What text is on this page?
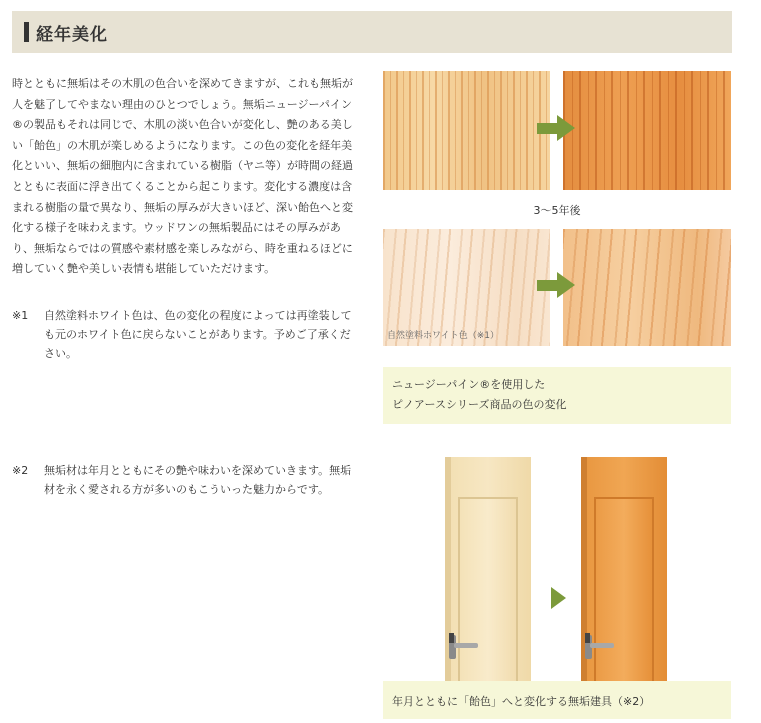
経年美化
時とともに無垢はその木肌の色合いを深めてきますが、これも無垢が人を魅了してやまない理由のひとつでしょう。無垢ニュージーパイン®の製品もそれは同じで、木肌の淡い色合いが変化し、艶のある美しい「飴色」の木肌が楽しめるようになります。この色の変化を経年美化といい、無垢の細胞内に含まれている樹脂（ヤニ等）が時間の経過とともに表面に浮き出てくることから起こります。変化する濃度は含まれる樹脂の量で異なり、無垢の厚みが大きいほど、深い飴色へと変化する様子を味わえます。ウッドワンの無垢製品にはその厚みがあり、無垢ならではの質感や素材感を楽しみながら、時を重ねるほどに増していく艶や美しい表情も堪能していただけます。
※1 自然塗料ホワイト色は、色の変化の程度によっては再塗装しても元のホワイト色に戻らないことがあります。予めご了承ください。
※2 無垢材は年月とともにその艶や味わいを深めていきます。無垢材を永く愛される方が多いのもこういった魅力からです。
3〜5年後
自然塗料ホワイト色（※1）
ニュージーパイン®を使用した
ピノアースシリーズ商品の色の変化
年月とともに「飴色」へと変化する無垢建具（※2）
